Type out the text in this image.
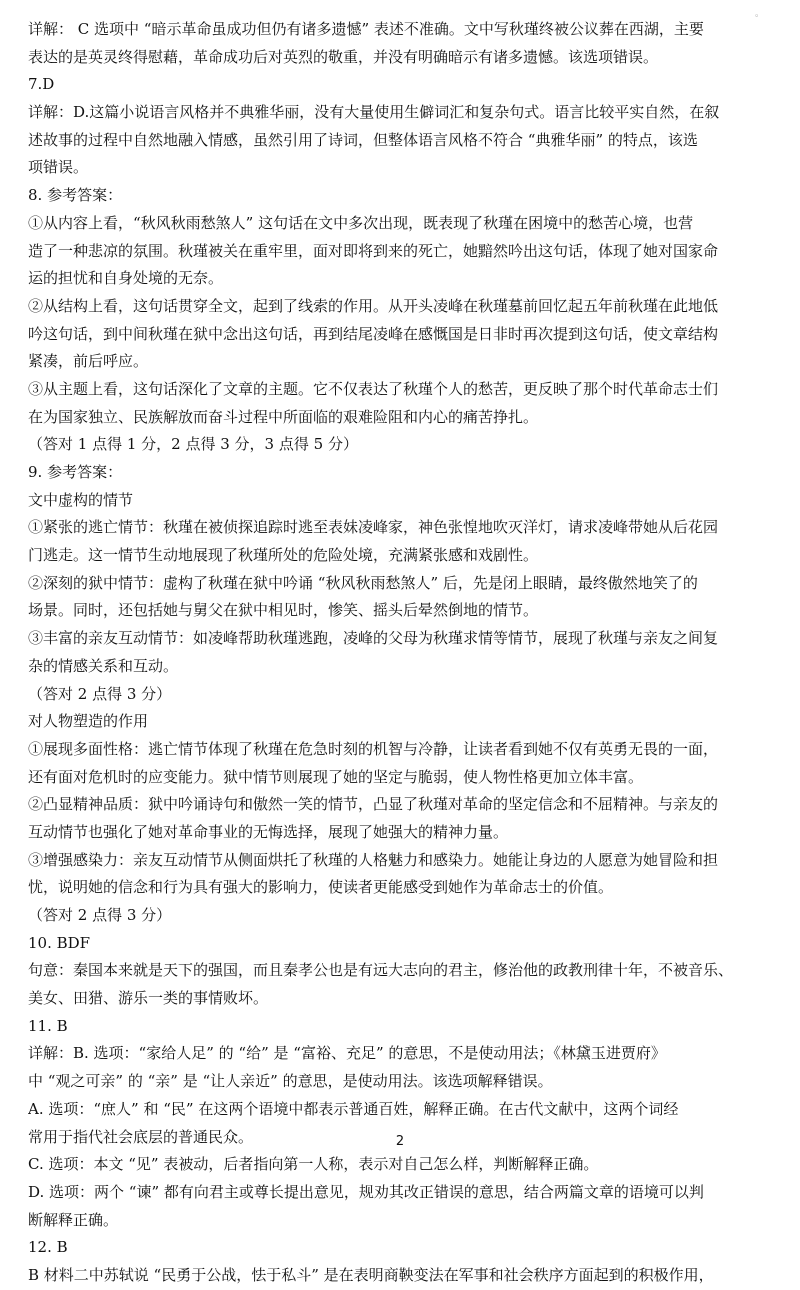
。
详解： C 选项中 “暗示革命虽成功但仍有诸多遗憾” 表述不准确。文中写秋瑾终被公议葬在西湖，主要
表达的是英灵终得慰藉，革命成功后对英烈的敬重，并没有明确暗示有诸多遗憾。该选项错误。
7.D
详解：D.这篇小说语言风格并不典雅华丽，没有大量使用生僻词汇和复杂句式。语言比较平实自然，在叙
述故事的过程中自然地融入情感，虽然引用了诗词，但整体语言风格不符合 “典雅华丽” 的特点，该选
项错误。
8. 参考答案：
①从内容上看，“秋风秋雨愁煞人” 这句话在文中多次出现，既表现了秋瑾在困境中的愁苦心境，也营
造了一种悲凉的氛围。秋瑾被关在重牢里，面对即将到来的死亡，她黯然吟出这句话，体现了她对国家命
运的担忧和自身处境的无奈。
②从结构上看，这句话贯穿全文，起到了线索的作用。从开头凌峰在秋瑾墓前回忆起五年前秋瑾在此地低
吟这句话，到中间秋瑾在狱中念出这句话，再到结尾凌峰在感慨国是日非时再次提到这句话，使文章结构
紧凑，前后呼应。
③从主题上看，这句话深化了文章的主题。它不仅表达了秋瑾个人的愁苦，更反映了那个时代革命志士们
在为国家独立、民族解放而奋斗过程中所面临的艰难险阻和内心的痛苦挣扎。
（答对 1 点得 1 分，2 点得 3 分，3 点得 5 分）
9. 参考答案：
文中虚构的情节
①紧张的逃亡情节：秋瑾在被侦探追踪时逃至表妹凌峰家，神色张惶地吹灭洋灯，请求凌峰带她从后花园
门逃走。这一情节生动地展现了秋瑾所处的危险处境，充满紧张感和戏剧性。
②深刻的狱中情节：虚构了秋瑾在狱中吟诵 “秋风秋雨愁煞人” 后，先是闭上眼睛，最终傲然地笑了的
场景。同时，还包括她与舅父在狱中相见时，惨笑、摇头后晕然倒地的情节。
③丰富的亲友互动情节：如凌峰帮助秋瑾逃跑，凌峰的父母为秋瑾求情等情节，展现了秋瑾与亲友之间复
杂的情感关系和互动。
（答对 2 点得 3 分）
对人物塑造的作用
①展现多面性格：逃亡情节体现了秋瑾在危急时刻的机智与冷静，让读者看到她不仅有英勇无畏的一面，
还有面对危机时的应变能力。狱中情节则展现了她的坚定与脆弱，使人物性格更加立体丰富。
②凸显精神品质：狱中吟诵诗句和傲然一笑的情节，凸显了秋瑾对革命的坚定信念和不屈精神。与亲友的
互动情节也强化了她对革命事业的无悔选择，展现了她强大的精神力量。
③增强感染力：亲友互动情节从侧面烘托了秋瑾的人格魅力和感染力。她能让身边的人愿意为她冒险和担
忧，说明她的信念和行为具有强大的影响力，使读者更能感受到她作为革命志士的价值。
（答对 2 点得 3 分）
10. BDF
句意：秦国本来就是天下的强国，而且秦孝公也是有远大志向的君主，修治他的政教刑律十年，不被音乐、
美女、田猎、游乐一类的事情败坏。
11. B
详解：B. 选项：“家给人足” 的 “给” 是 “富裕、充足” 的意思，不是使动用法；《林黛玉进贾府》
中 “观之可亲” 的 “亲” 是 “让人亲近” 的意思，是使动用法。该选项解释错误。
A. 选项：“庶人” 和 “民” 在这两个语境中都表示普通百姓，解释正确。在古代文献中，这两个词经
常用于指代社会底层的普通民众。
C. 选项：本文 “见” 表被动，后者指向第一人称，表示对自己怎么样，判断解释正确。
D. 选项：两个 “谏” 都有向君主或尊长提出意见，规劝其改正错误的意思，结合两篇文章的语境可以判
断解释正确。
12. B
B 材料二中苏轼说 “民勇于公战，怯于私斗” 是在表明商鞅变法在军事和社会秩序方面起到的积极作用，
2
